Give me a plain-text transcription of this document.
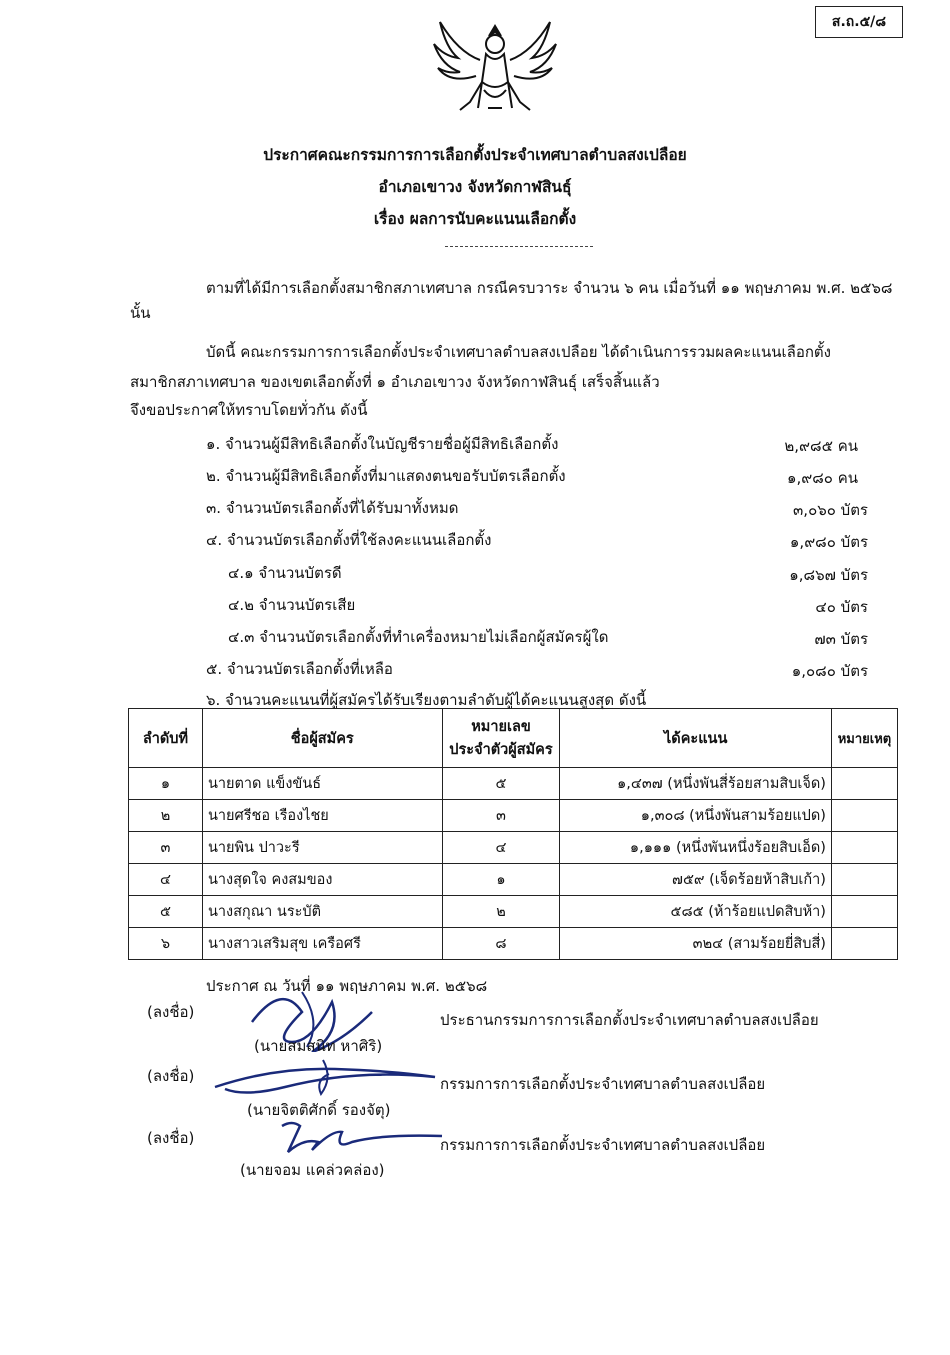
ส.ถ.๕/๘
ประกาศคณะกรรมการการเลือกตั้งประจำเทศบาลตำบลสงเปลือย
อำเภอเขาวง จังหวัดกาฬสินธุ์
เรื่อง ผลการนับคะแนนเลือกตั้ง
ตามที่ได้มีการเลือกตั้งสมาชิกสภาเทศบาล กรณีครบวาระ จำนวน ๖ คน เมื่อวันที่ ๑๑ พฤษภาคม พ.ศ. ๒๕๖๘
นั้น
บัดนี้ คณะกรรมการการเลือกตั้งประจำเทศบาลตำบลสงเปลือย ได้ดำเนินการรวมผลคะแนนเลือกตั้ง
สมาชิกสภาเทศบาล ของเขตเลือกตั้งที่ ๑ อำเภอเขาวง จังหวัดกาฬสินธุ์ เสร็จสิ้นแล้ว
จึงขอประกาศให้ทราบโดยทั่วกัน ดังนี้
๑. จำนวนผู้มีสิทธิเลือกตั้งในบัญชีรายชื่อผู้มีสิทธิเลือกตั้ง	๒,๙๘๕ คน
๒. จำนวนผู้มีสิทธิเลือกตั้งที่มาแสดงตนขอรับบัตรเลือกตั้ง	๑,๙๘๐ คน
๓. จำนวนบัตรเลือกตั้งที่ได้รับมาทั้งหมด	๓,๐๖๐ บัตร
๔. จำนวนบัตรเลือกตั้งที่ใช้ลงคะแนนเลือกตั้ง	๑,๙๘๐ บัตร
๔.๑ จำนวนบัตรดี	๑,๘๖๗ บัตร
๔.๒ จำนวนบัตรเสีย	๔๐ บัตร
๔.๓ จำนวนบัตรเลือกตั้งที่ทำเครื่องหมายไม่เลือกผู้สมัครผู้ใด	๗๓ บัตร
๕. จำนวนบัตรเลือกตั้งที่เหลือ	๑,๐๘๐ บัตร
๖. จำนวนคะแนนที่ผู้สมัครได้รับเรียงตามลำดับผู้ได้คะแนนสูงสุด ดังนี้
ลำดับที่	ชื่อผู้สมัคร	หมายเลข
ประจำตัวผู้สมัคร	ได้คะแนน	หมายเหตุ
๑	นายตาด แข็งขันธ์	๕	๑,๔๓๗ (หนึ่งพันสี่ร้อยสามสิบเจ็ด)	
๒	นายศรีชอ เรืองไชย	๓	๑,๓๐๘ (หนึ่งพันสามร้อยแปด)	
๓	นายพิน ปาวะรี	๔	๑,๑๑๑ (หนึ่งพันหนึ่งร้อยสิบเอ็ด)	
๔	นางสุดใจ คงสมของ	๑	๗๕๙ (เจ็ดร้อยห้าสิบเก้า)	
๕	นางสกุณา นระบัติ	๒	๕๘๕ (ห้าร้อยแปดสิบห้า)	
๖	นางสาวเสริมสุข เครือศรี	๘	๓๒๔ (สามร้อยยี่สิบสี่)	
ประกาศ ณ วันที่ ๑๑ พฤษภาคม พ.ศ. ๒๕๖๘
(ลงชื่อ)	ประธานกรรมการการเลือกตั้งประจำเทศบาลตำบลสงเปลือย
(นายสมสนิท หาศิริ)
(ลงชื่อ)	กรรมการการเลือกตั้งประจำเทศบาลตำบลสงเปลือย
(นายจิตติศักดิ์ รองจัตุ)
(ลงชื่อ)	กรรมการการเลือกตั้งประจำเทศบาลตำบลสงเปลือย
(นายจอม แคล่วคล่อง)
